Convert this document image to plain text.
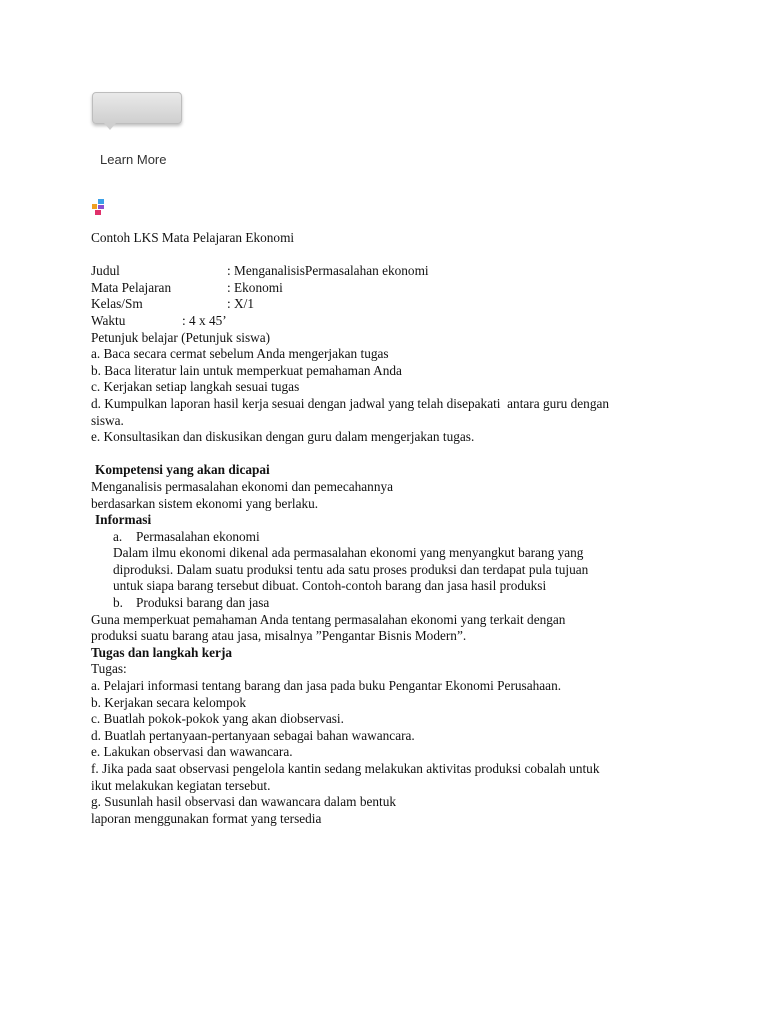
Learn More

Contoh LKS Mata Pelajaran Ekonomi

Judul	: MenganalisisPermasalahan ekonomi
Mata Pelajaran	: Ekonomi
Kelas/Sm	: X/1
Waktu	: 4 x 45’

Petunjuk belajar (Petunjuk siswa)

a. Baca secara cermat sebelum Anda mengerjakan tugas

b. Baca literatur lain untuk memperkuat pemahaman Anda

c. Kerjakan setiap langkah sesuai tugas

d. Kumpulkan laporan hasil kerja sesuai dengan jadwal yang telah disepakati  antara guru dengan

siswa.

e. Konsultasikan dan diskusikan dengan guru dalam mengerjakan tugas.

Kompetensi yang akan dicapai

Menganalisis permasalahan ekonomi dan pemecahannya

berdasarkan sistem ekonomi yang berlaku.

Informasi

a.	Permasalahan ekonomi

Dalam ilmu ekonomi dikenal ada permasalahan ekonomi yang menyangkut barang yang

diproduksi. Dalam suatu produksi tentu ada satu proses produksi dan terdapat pula tujuan

untuk siapa barang tersebut dibuat. Contoh-contoh barang dan jasa hasil produksi

b. Produksi barang dan jasa

Guna memperkuat pemahaman Anda tentang permasalahan ekonomi yang terkait dengan

produksi suatu barang atau jasa, misalnya ”Pengantar Bisnis Modern”.

Tugas dan langkah kerja

Tugas:

a. Pelajari informasi tentang barang dan jasa pada buku Pengantar Ekonomi Perusahaan.

b. Kerjakan secara kelompok

c. Buatlah pokok-pokok yang akan diobservasi.

d. Buatlah pertanyaan-pertanyaan sebagai bahan wawancara.

e. Lakukan observasi dan wawancara.

f. Jika pada saat observasi pengelola kantin sedang melakukan aktivitas produksi cobalah untuk

ikut melakukan kegiatan tersebut.

g. Susunlah hasil observasi dan wawancara dalam bentuk

laporan menggunakan format yang tersedia
